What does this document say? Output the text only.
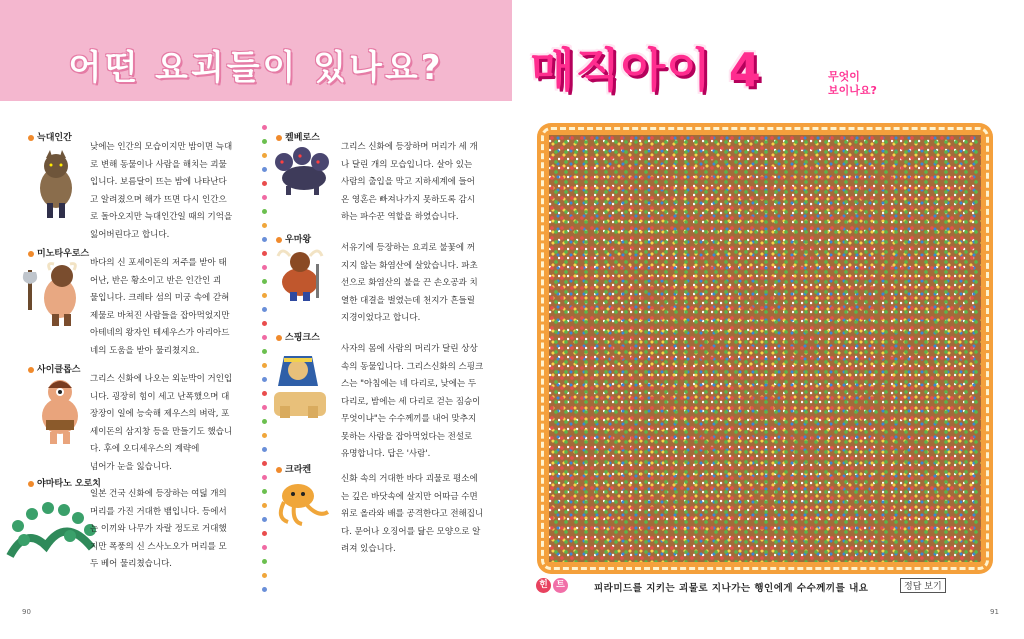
어떤 요괴들이 있나요?
늑대인간
낮에는 인간의 모습이지만 밤이면 늑대
로 변해 동물이나 사람을 해치는 괴물
입니다. 보름달이 뜨는 밤에 나타난다
고 알려졌으며 해가 뜨면 다시 인간으
로 돌아오지만 늑대인간일 때의 기억을
잃어버린다고 합니다.
미노타우로스
바다의 신 포세이돈의 저주를 받아 태
어난, 반은 황소이고 반은 인간인 괴
물입니다. 크레타 섬의 미궁 속에 갇혀
제물로 바쳐진 사람들을 잡아먹었지만
아테네의 왕자인 테세우스가 아리아드
네의 도움을 받아 물리쳤지요.
사이클롭스
그리스 신화에 나오는 외눈박이 거인입
니다. 굉장히 힘이 세고 난폭했으며 대
장장이 일에 능숙해 제우스의 벼락, 포
세이돈의 삼지창 등을 만들기도 했습니
다. 후에 오디세우스의 계략에
넘어가 눈을 잃습니다.
야마타노 오로치
일본 건국 신화에 등장하는 여덟 개의
머리를 가진 거대한 뱀입니다. 등에서
는 이끼와 나무가 자랄 정도로 거대했
지만 폭풍의 신 스사노오가 머리를 모
두 베어 물리쳤습니다.
켈베로스
그리스 신화에 등장하며 머리가 세 개
나 달린 개의 모습입니다. 살아 있는
사람의 출입을 막고 지하세계에 들어
온 영혼은 빠져나가지 못하도록 감시
하는 파수꾼 역할을 하였습니다.
우마왕
서유기에 등장하는 요괴로 불꽃에 꺼
지지 않는 화염산에 살았습니다. 파초
선으로 화염산의 불을 끈 손오공과 치
열한 대결을 벌였는데 천지가 흔들릴
지경이었다고 합니다.
스핑크스
사자의 몸에 사람의 머리가 달린 상상
속의 동물입니다. 그리스신화의 스핑크
스는 "아침에는 네 다리로, 낮에는 두
다리로, 밤에는 세 다리로 걷는 짐승이
무엇이냐"는 수수께끼를 내어 맞추지
못하는 사람을 잡아먹었다는 전설로
유명합니다. 답은 '사람'.
크라켄
신화 속의 거대한 바다 괴물로 평소에
는 깊은 바닷속에 살지만 어따금 수면
위로 올라와 배를 공격한다고 전해집니
다. 문어나 오징어를 닮은 모양으로 알
려져 있습니다.
90
매직아이 4	무엇이
보이나요?
힌 트	피라미드를 지키는 괴물로 지나가는 행인에게 수수께끼를 내요	정답 보기
91
